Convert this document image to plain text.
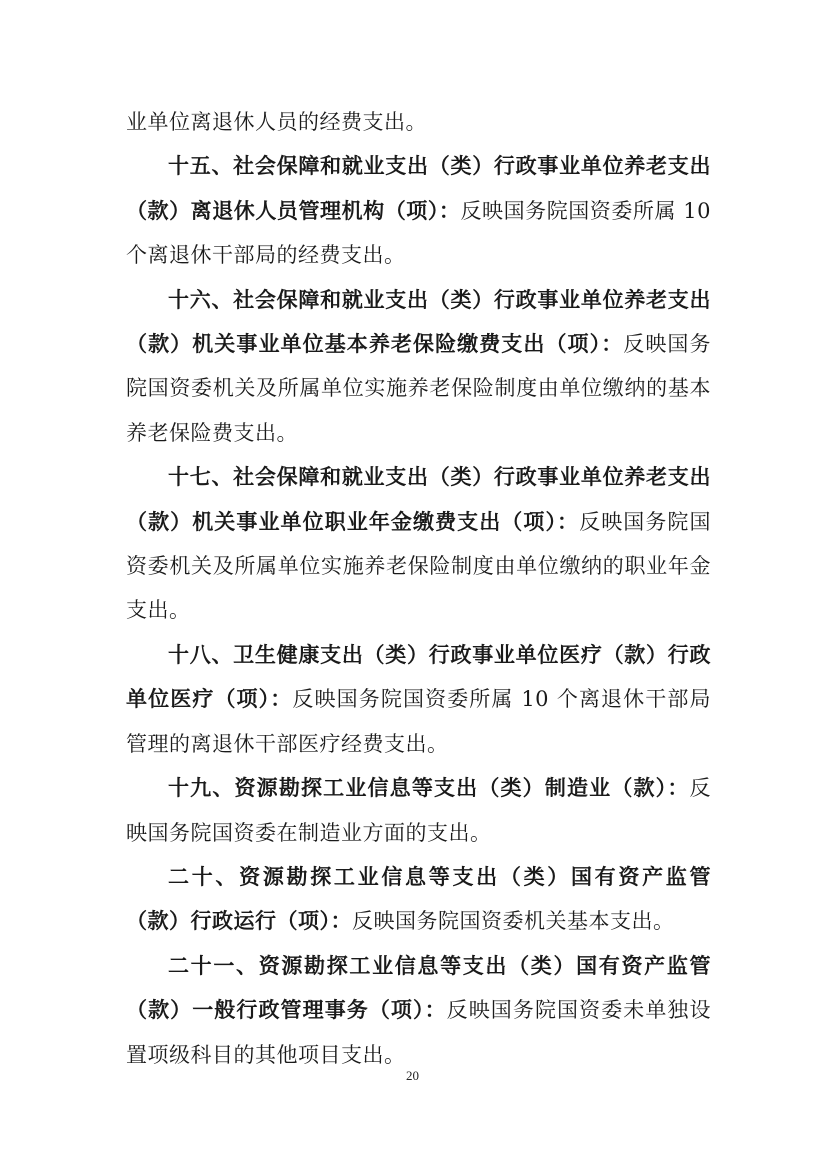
业单位离退休人员的经费支出。

十五、社会保障和就业支出（类）行政事业单位养老支出（款）离退休人员管理机构（项）：反映国务院国资委所属 10 个离退休干部局的经费支出。

十六、社会保障和就业支出（类）行政事业单位养老支出（款）机关事业单位基本养老保险缴费支出（项）：反映国务院国资委机关及所属单位实施养老保险制度由单位缴纳的基本养老保险费支出。

十七、社会保障和就业支出（类）行政事业单位养老支出（款）机关事业单位职业年金缴费支出（项）：反映国务院国资委机关及所属单位实施养老保险制度由单位缴纳的职业年金支出。

十八、卫生健康支出（类）行政事业单位医疗（款）行政单位医疗（项）：反映国务院国资委所属 10 个离退休干部局管理的离退休干部医疗经费支出。

十九、资源勘探工业信息等支出（类）制造业（款）：反映国务院国资委在制造业方面的支出。

二十、资源勘探工业信息等支出（类）国有资产监管（款）行政运行（项）：反映国务院国资委机关基本支出。

二十一、资源勘探工业信息等支出（类）国有资产监管（款）一般行政管理事务（项）：反映国务院国资委未单独设置项级科目的其他项目支出。

20
